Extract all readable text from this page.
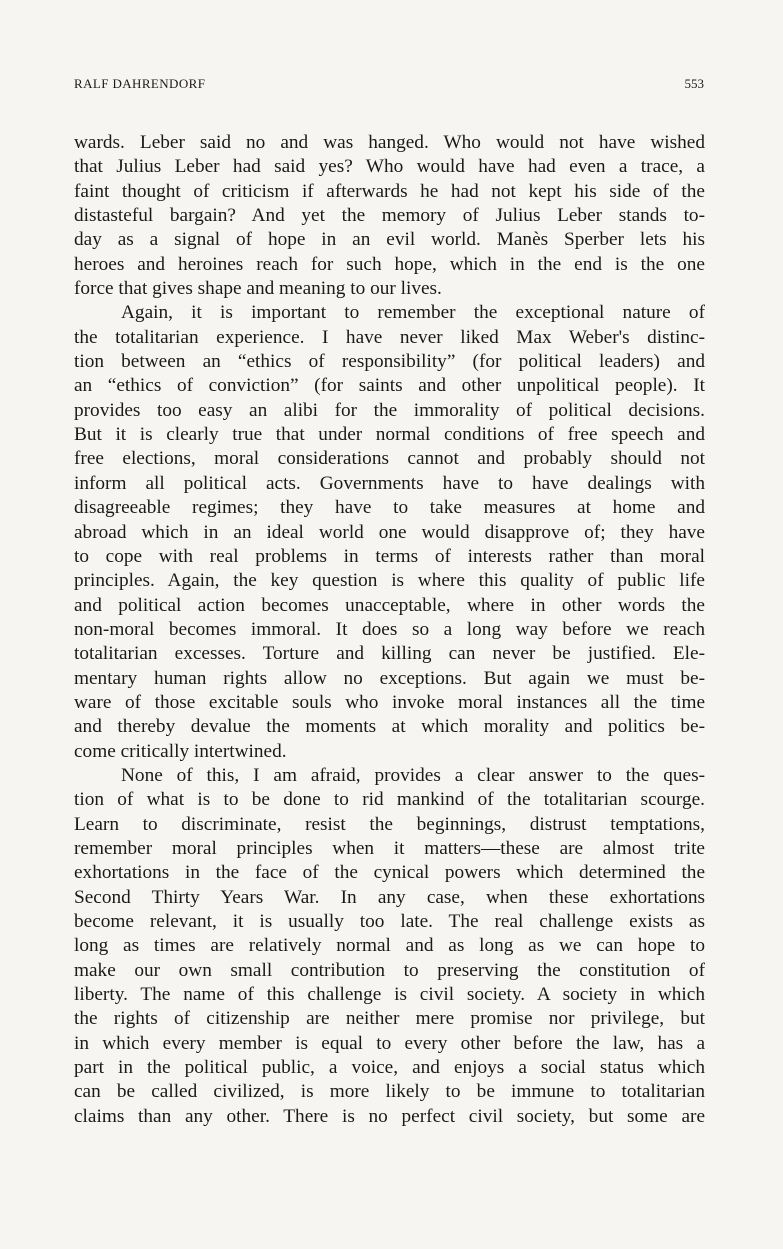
RALF DAHRENDORF	553
wards. Leber said no and was hanged. Who would not have wished
that Julius Leber had said yes? Who would have had even a trace, a
faint thought of criticism if afterwards he had not kept his side of the
distasteful bargain? And yet the memory of Julius Leber stands to-
day as a signal of hope in an evil world. Manès Sperber lets his
heroes and heroines reach for such hope, which in the end is the one
force that gives shape and meaning to our lives.
Again, it is important to remember the exceptional nature of
the totalitarian experience. I have never liked Max Weber's distinc-
tion between an “ethics of responsibility” (for political leaders) and
an “ethics of conviction” (for saints and other unpolitical people). It
provides too easy an alibi for the immorality of political decisions.
But it is clearly true that under normal conditions of free speech and
free elections, moral considerations cannot and probably should not
inform all political acts. Governments have to have dealings with
disagreeable regimes; they have to take measures at home and
abroad which in an ideal world one would disapprove of; they have
to cope with real problems in terms of interests rather than moral
principles. Again, the key question is where this quality of public life
and political action becomes unacceptable, where in other words the
non-moral becomes immoral. It does so a long way before we reach
totalitarian excesses. Torture and killing can never be justified. Ele-
mentary human rights allow no exceptions. But again we must be-
ware of those excitable souls who invoke moral instances all the time
and thereby devalue the moments at which morality and politics be-
come critically intertwined.
None of this, I am afraid, provides a clear answer to the ques-
tion of what is to be done to rid mankind of the totalitarian scourge.
Learn to discriminate, resist the beginnings, distrust temptations,
remember moral principles when it matters—these are almost trite
exhortations in the face of the cynical powers which determined the
Second Thirty Years War. In any case, when these exhortations
become relevant, it is usually too late. The real challenge exists as
long as times are relatively normal and as long as we can hope to
make our own small contribution to preserving the constitution of
liberty. The name of this challenge is civil society. A society in which
the rights of citizenship are neither mere promise nor privilege, but
in which every member is equal to every other before the law, has a
part in the political public, a voice, and enjoys a social status which
can be called civilized, is more likely to be immune to totalitarian
claims than any other. There is no perfect civil society, but some are
